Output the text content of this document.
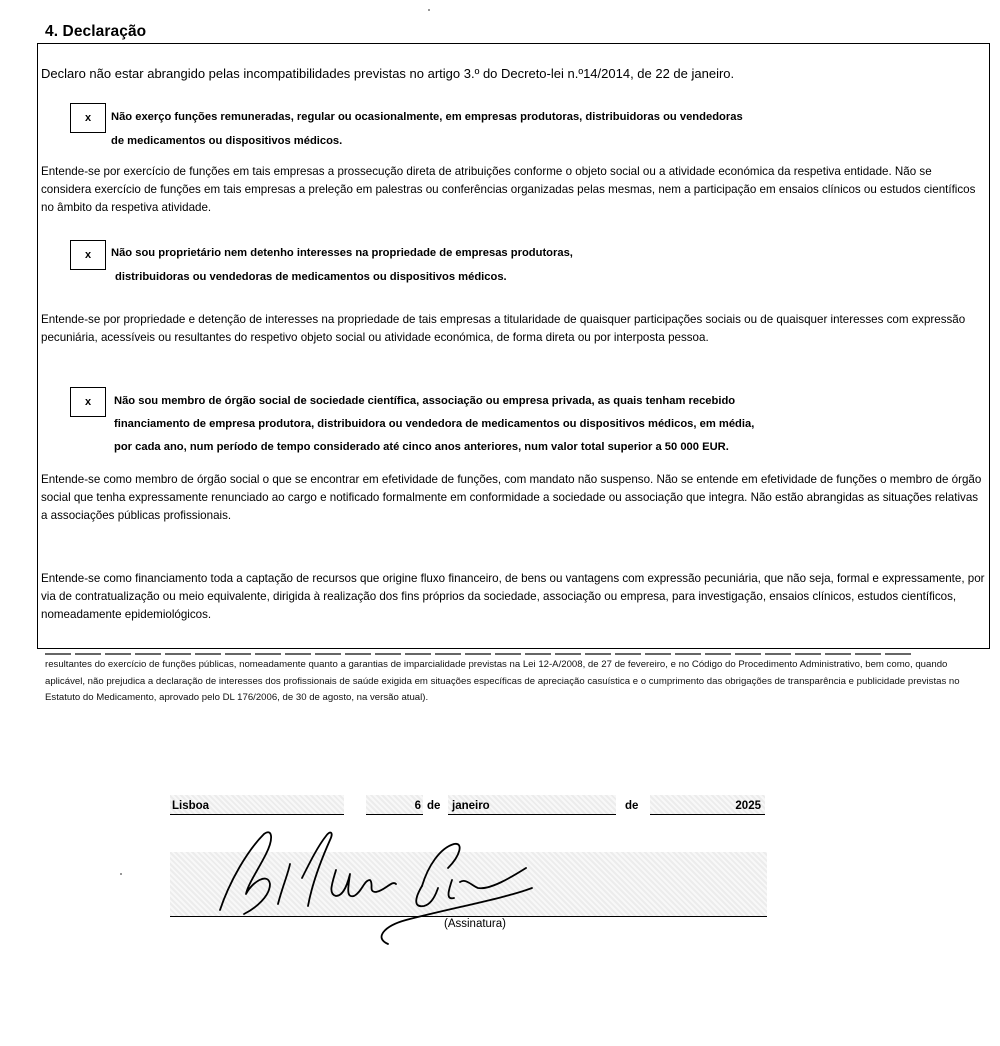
4. Declaração
Declaro não estar abrangido pelas incompatibilidades previstas no artigo 3.º do Decreto-lei n.º14/2014, de 22 de janeiro.
x	Não exerço funções remuneradas, regular ou ocasionalmente, em empresas produtoras, distribuidoras ou vendedoras
de medicamentos ou dispositivos médicos.
Entende-se por exercício de funções em tais empresas a prossecução direta de atribuições conforme o objeto social ou a atividade económica da respetiva entidade. Não se considera exercício de funções em tais empresas a preleção em palestras ou conferências organizadas pelas mesmas, nem a participação em ensaios clínicos ou estudos científicos no âmbito da respetiva atividade.
x	Não sou proprietário nem detenho interesses na propriedade de empresas produtoras,
distribuidoras ou vendedoras de medicamentos ou dispositivos médicos.
Entende-se por propriedade e detenção de interesses na propriedade de tais empresas a titularidade de quaisquer participações sociais ou de quaisquer interesses com expressão pecuniária, acessíveis ou resultantes do respetivo objeto social ou atividade económica, de forma direta ou por interposta pessoa.
x	Não sou membro de órgão social de sociedade científica, associação ou empresa privada, as quais tenham recebido
financiamento de empresa produtora, distribuidora ou vendedora de medicamentos ou dispositivos médicos, em média,
por cada ano, num período de tempo considerado até cinco anos anteriores, num valor total superior a 50 000 EUR.
Entende-se como membro de órgão social o que se encontrar em efetividade de funções, com mandato não suspenso. Não se entende em efetividade de funções o membro de órgão social que tenha expressamente renunciado ao cargo e notificado formalmente em conformidade a sociedade ou associação que integra. Não estão abrangidas as situações relativas a associações públicas profissionais.
Entende-se como financiamento toda a captação de recursos que origine fluxo financeiro, de bens ou vantagens com expressão pecuniária, que não seja, formal e expressamente, por via de contratualização ou meio equivalente, dirigida à realização dos fins próprios da sociedade, associação ou empresa, para investigação, ensaios clínicos, estudos científicos, nomeadamente epidemiológicos.
resultantes do exercício de funções públicas, nomeadamente quanto a garantias de imparcialidade previstas na Lei 12-A/2008, de 27 de fevereiro, e no Código do Procedimento Administrativo, bem como, quando aplicável, não prejudica a declaração de interesses dos profissionais de saúde exigida em situações específicas de apreciação casuística e o cumprimento das obrigações de transparência e publicidade previstas no Estatuto do Medicamento, aprovado pelo DL 176/2006, de 30 de agosto, na versão atual).
Lisboa	6 de	janeiro	de	2025
(Assinatura)
